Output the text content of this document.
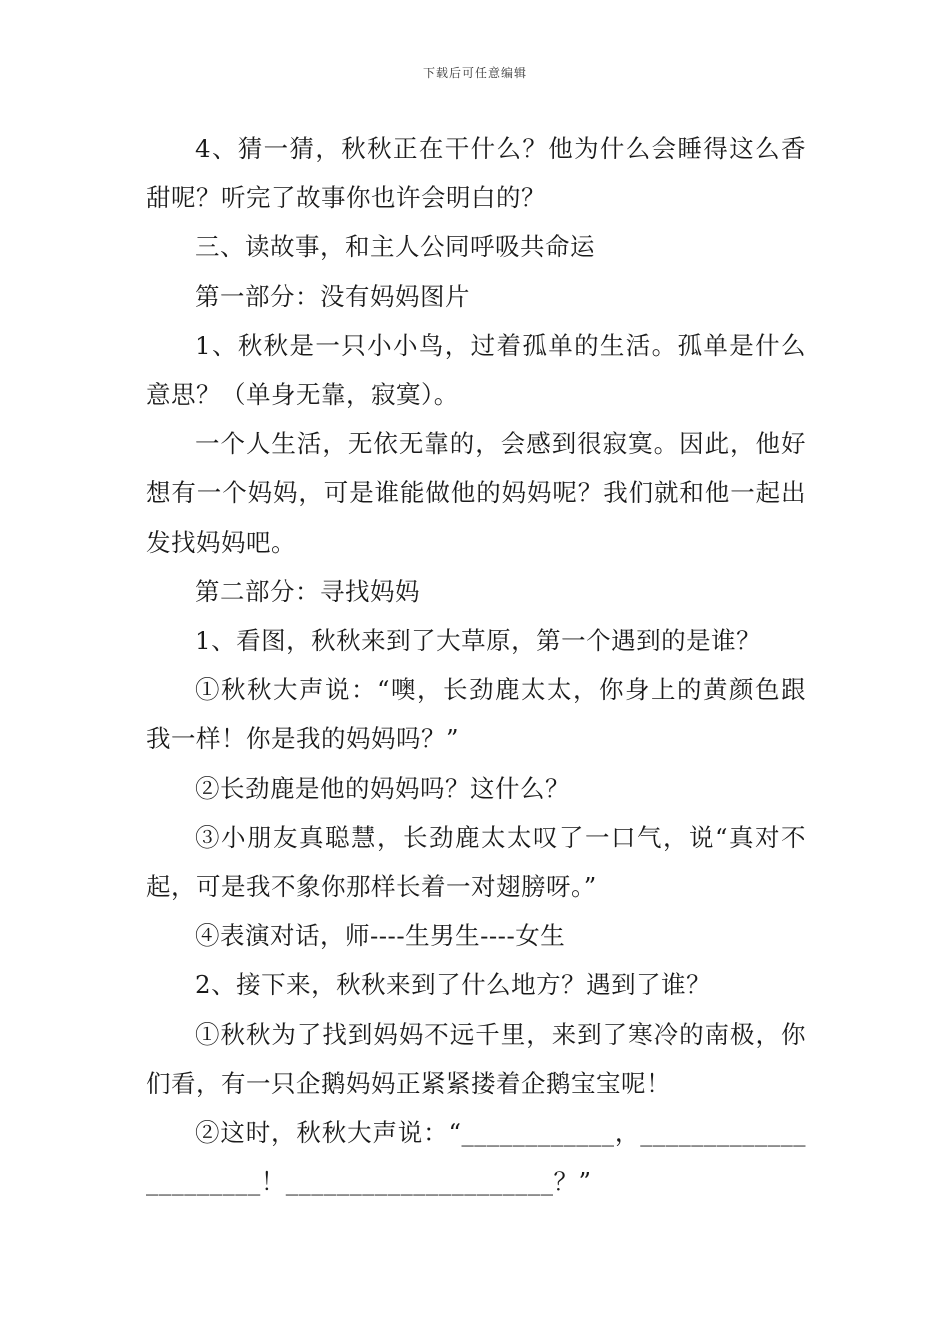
下载后可任意编辑

4、猜一猜，秋秋正在干什么？他为什么会睡得这么香甜呢？听完了故事你也许会明白的？

三、读故事，和主人公同呼吸共命运

第一部分：没有妈妈图片

1、秋秋是一只小小鸟，过着孤单的生活。孤单是什么意思？（单身无靠，寂寞）。

一个人生活，无依无靠的，会感到很寂寞。因此，他好想有一个妈妈，可是谁能做他的妈妈呢？我们就和他一起出发找妈妈吧。

第二部分：寻找妈妈

1、看图，秋秋来到了大草原，第一个遇到的是谁？

①秋秋大声说：“噢，长劲鹿太太，你身上的黄颜色跟我一样！你是我的妈妈吗？”

②长劲鹿是他的妈妈吗？这什么？

③小朋友真聪慧，长劲鹿太太叹了一口气，说“真对不起，可是我不象你那样长着一对翅膀呀。”

④表演对话，师----生男生----女生

2、接下来，秋秋来到了什么地方？遇到了谁？

①秋秋为了找到妈妈不远千里，来到了寒冷的南极，你们看，有一只企鹅妈妈正紧紧搂着企鹅宝宝呢！

②这时，秋秋大声说：“____________，______________________！_____________________？”
